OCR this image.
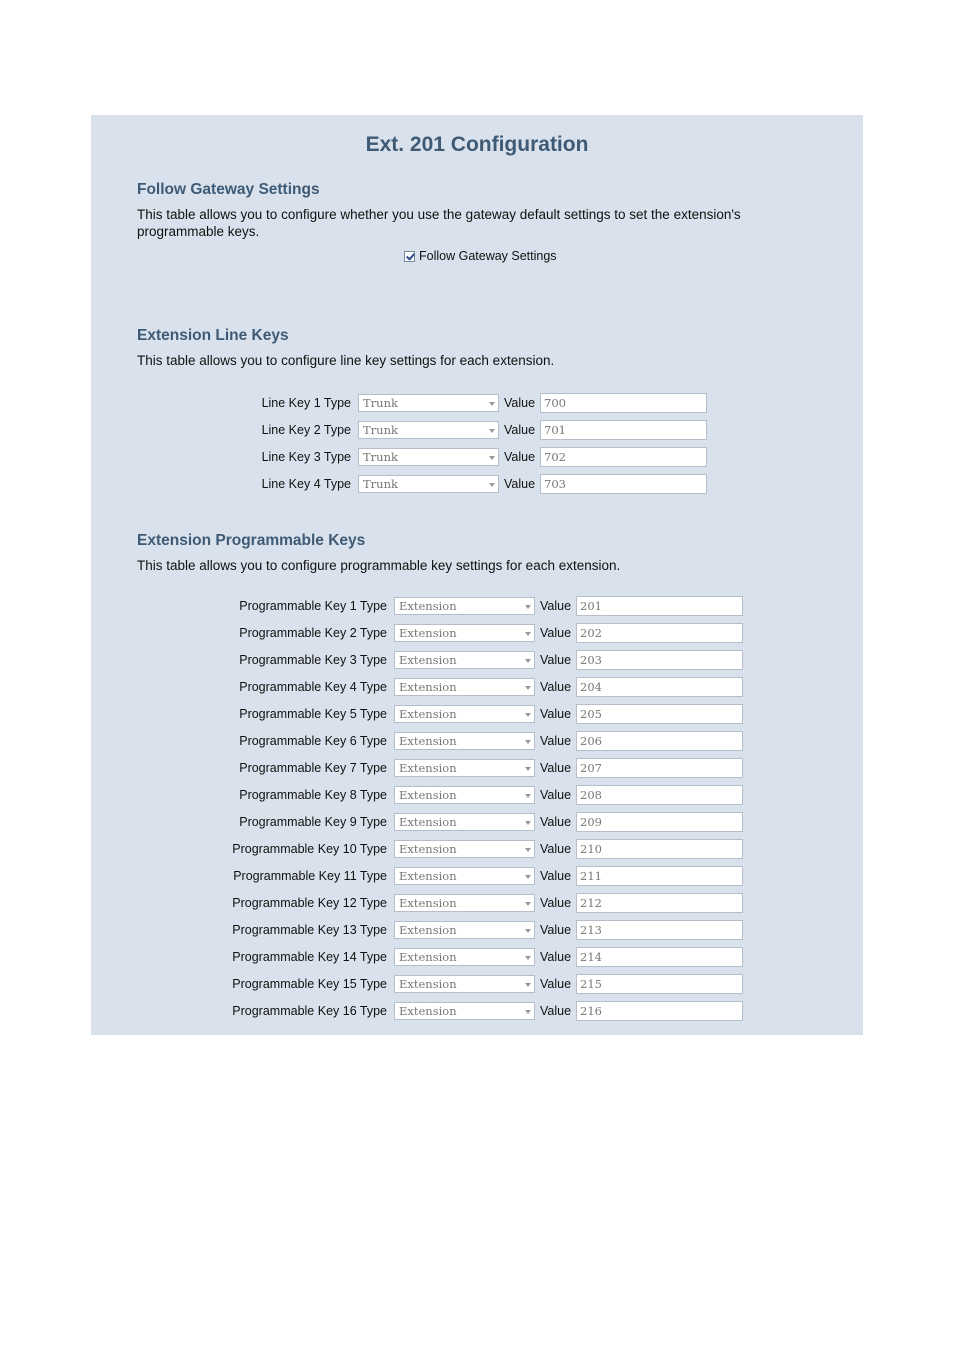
Ext. 201 Configuration
Follow Gateway Settings
This table allows you to configure whether you use the gateway default settings to set the extension's programmable keys.
Follow Gateway Settings
Extension Line Keys
This table allows you to configure line key settings for each extension.
Line Key 1 Type	Trunk	Value 700
Line Key 2 Type	Trunk	Value 701
Line Key 3 Type	Trunk	Value 702
Line Key 4 Type	Trunk	Value 703
Extension Programmable Keys
This table allows you to configure programmable key settings for each extension.
Programmable Key 1 Type	Extension	Value 201
Programmable Key 2 Type	Extension	Value 202
Programmable Key 3 Type	Extension	Value 203
Programmable Key 4 Type	Extension	Value 204
Programmable Key 5 Type	Extension	Value 205
Programmable Key 6 Type	Extension	Value 206
Programmable Key 7 Type	Extension	Value 207
Programmable Key 8 Type	Extension	Value 208
Programmable Key 9 Type	Extension	Value 209
Programmable Key 10 Type	Extension	Value 210
Programmable Key 11 Type	Extension	Value 211
Programmable Key 12 Type	Extension	Value 212
Programmable Key 13 Type	Extension	Value 213
Programmable Key 14 Type	Extension	Value 214
Programmable Key 15 Type	Extension	Value 215
Programmable Key 16 Type	Extension	Value 216
